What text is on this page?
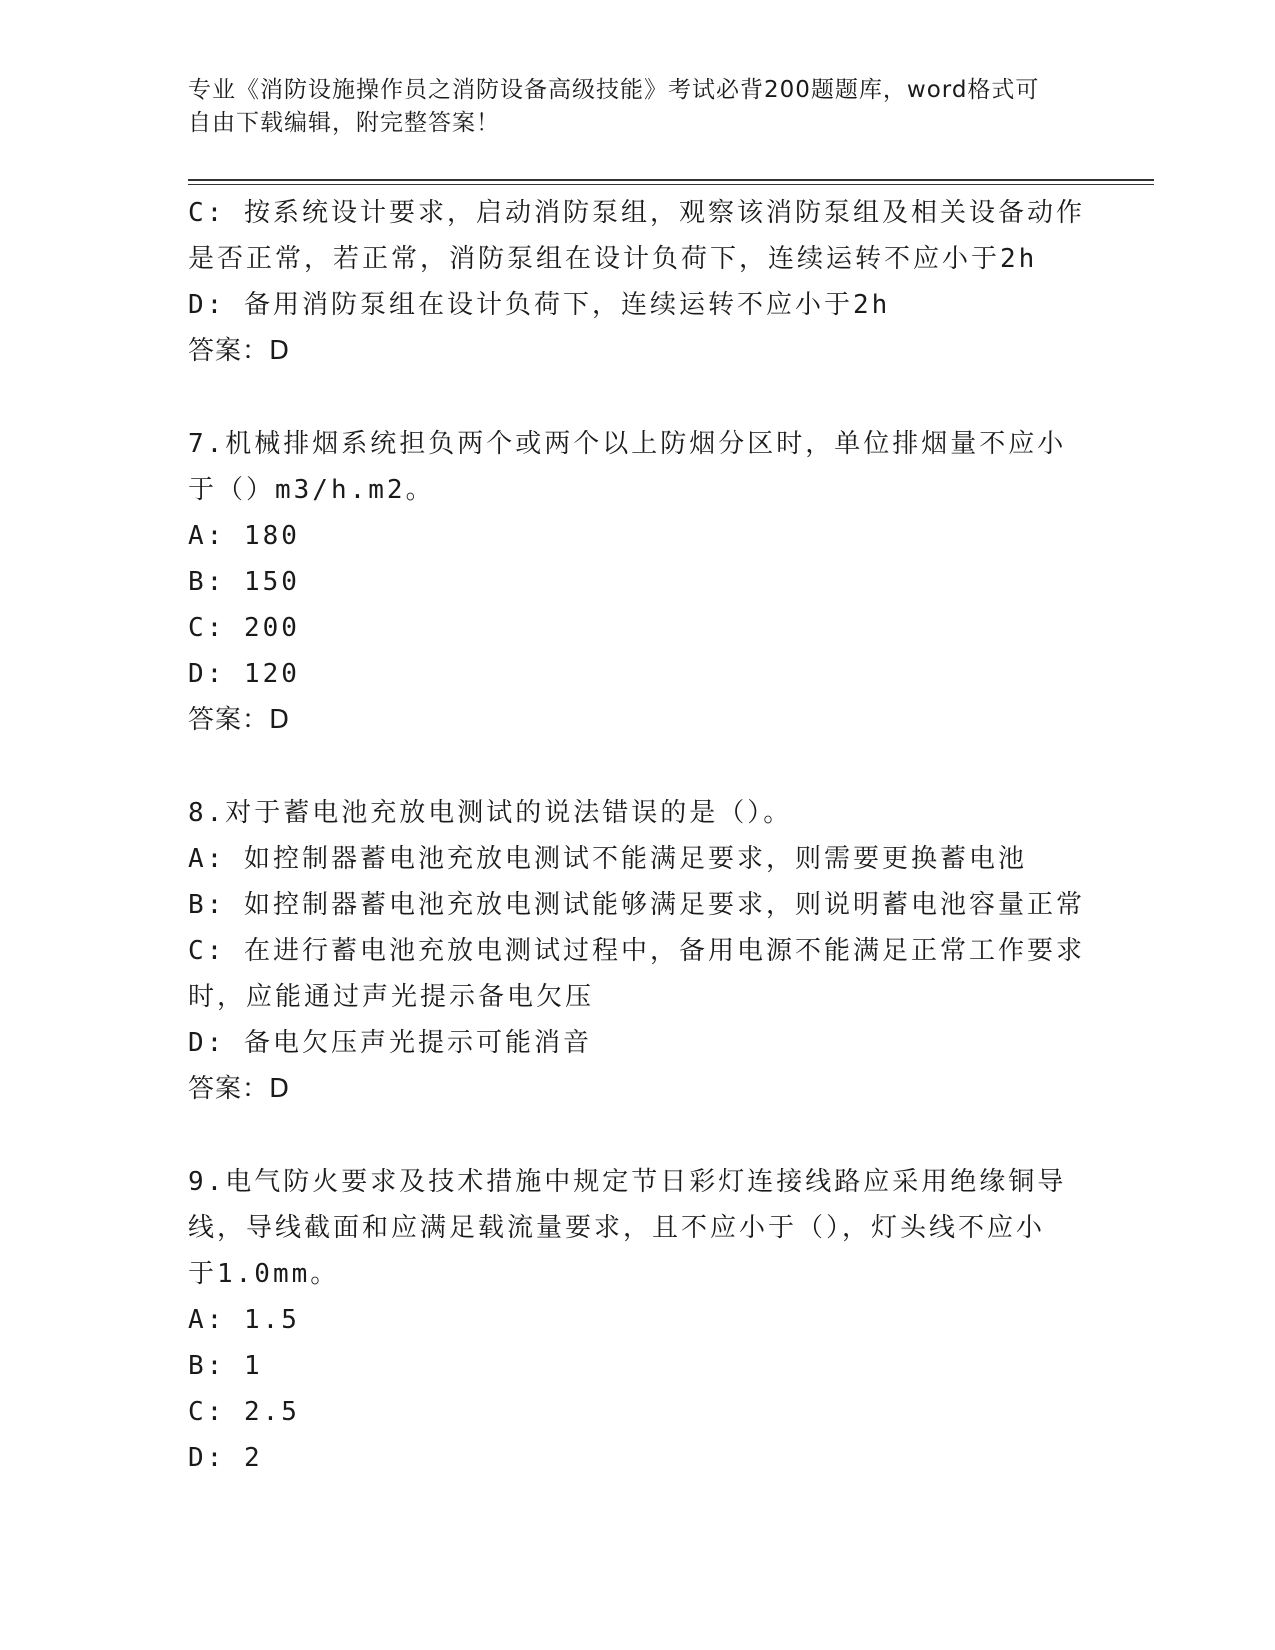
专业《消防设施操作员之消防设备高级技能》考试必背200题题库，word格式可
自由下载编辑，附完整答案！
C: 按系统设计要求，启动消防泵组，观察该消防泵组及相关设备动作
是否正常，若正常，消防泵组在设计负荷下，连续运转不应小于2h
D: 备用消防泵组在设计负荷下，连续运转不应小于2h
答案：D
7.机械排烟系统担负两个或两个以上防烟分区时，单位排烟量不应小
于（）m3/h.m2。
A: 180
B: 150
C: 200
D: 120
答案：D
8.对于蓄电池充放电测试的说法错误的是（）。
A: 如控制器蓄电池充放电测试不能满足要求，则需要更换蓄电池
B: 如控制器蓄电池充放电测试能够满足要求，则说明蓄电池容量正常
C: 在进行蓄电池充放电测试过程中，备用电源不能满足正常工作要求
时，应能通过声光提示备电欠压
D: 备电欠压声光提示可能消音
答案：D
9.电气防火要求及技术措施中规定节日彩灯连接线路应采用绝缘铜导
线，导线截面和应满足载流量要求，且不应小于（），灯头线不应小
于1.0mm。
A: 1.5
B: 1
C: 2.5
D: 2
